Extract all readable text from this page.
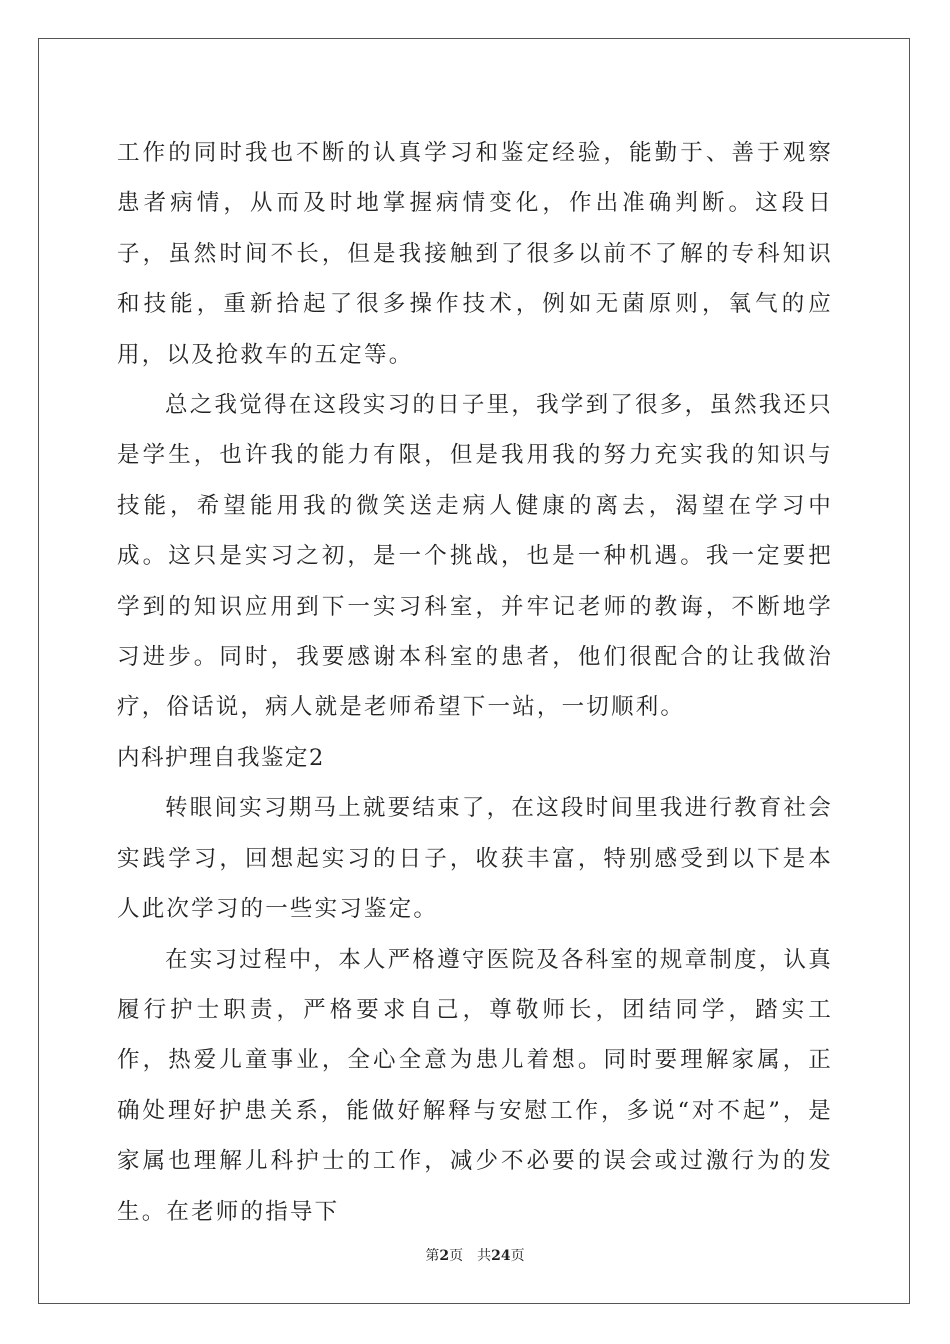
工作的同时我也不断的认真学习和鉴定经验，能勤于、善于观察患者病情，从而及时地掌握病情变化，作出准确判断。这段日子，虽然时间不长，但是我接触到了很多以前不了解的专科知识和技能，重新拾起了很多操作技术，例如无菌原则，氧气的应用，以及抢救车的五定等。

总之我觉得在这段实习的日子里，我学到了很多，虽然我还只是学生，也许我的能力有限，但是我用我的努力充实我的知识与技能，希望能用我的微笑送走病人健康的离去，渴望在学习中成。这只是实习之初，是一个挑战，也是一种机遇。我一定要把学到的知识应用到下一实习科室，并牢记老师的教诲，不断地学习进步。同时，我要感谢本科室的患者，他们很配合的让我做治疗，俗话说，病人就是老师希望下一站，一切顺利。

内科护理自我鉴定2

转眼间实习期马上就要结束了，在这段时间里我进行教育社会实践学习，回想起实习的日子，收获丰富，特别感受到以下是本人此次学习的一些实习鉴定。

在实习过程中，本人严格遵守医院及各科室的规章制度，认真履行护士职责，严格要求自己，尊敬师长，团结同学，踏实工作，热爱儿童事业，全心全意为患儿着想。同时要理解家属，正确处理好护患关系，能做好解释与安慰工作，多说“对不起”，是家属也理解儿科护士的工作，减少不必要的误会或过激行为的发生。在老师的指导下

第2页 共24页
